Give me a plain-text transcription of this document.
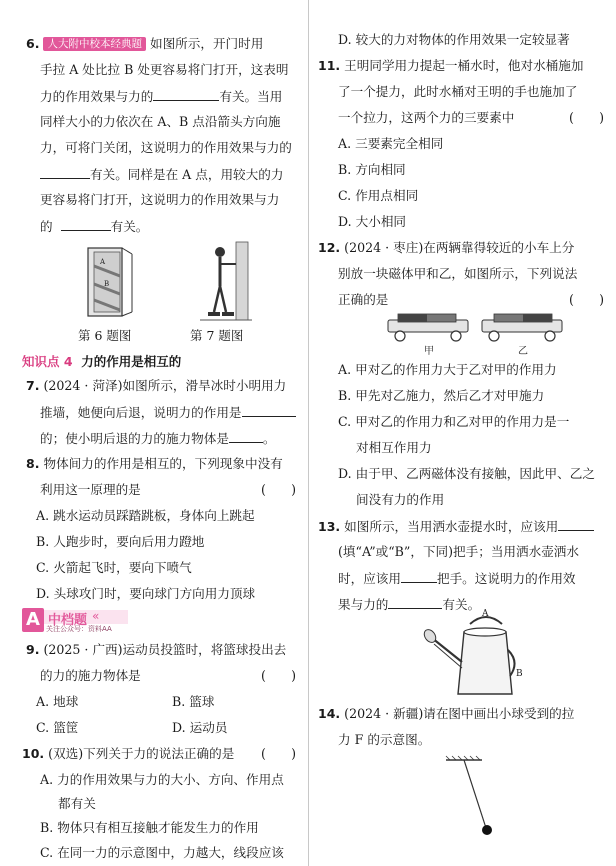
6. 人大附中校本经典题 如图所示，开门时用
手拉 A 处比拉 B 处更容易将门打开，这表明
力的作用效果与力的	有关。当用
同样大小的力依次在 A、B 点沿箭头方向施
力，可将门关闭，这说明力的作用效果与力的
有关。同样是在 A 点，用较大的力
更容易将门打开，这说明力的作用效果与力
的	有关。
A
B
第 6 题图	第 7 题图
知识点 4 力的作用是相互的
7. (2024 · 菏泽)如图所示，滑旱冰时小明用力
推墙，她便向后退，说明力的作用是
的；使小明后退的力的施力物体是	。
8. 物体间力的作用是相互的，下列现象中没有
利用这一原理的是	(　　)
A. 跳水运动员踩踏跳板，身体向上跳起
B. 人跑步时，要向后用力蹬地
C. 火箭起飞时，要向下喷气
D. 头球攻门时，要向球门方向用力顶球
A 中档题 «
关注公众号：资料AA
9. (2025 · 广西)运动员投篮时，将篮球投出去
的力的施力物体是	(　　)
A. 地球	B. 篮球
C. 篮筐	D. 运动员
10. (双选)下列关于力的说法正确的是 (　　)
A. 力的作用效果与力的大小、方向、作用点
都有关
B. 物体只有相互接触才能发生力的作用
C. 在同一力的示意图中，力越大，线段应该
D. 较大的力对物体的作用效果一定较显著
11. 王明同学用力提起一桶水时，他对水桶施加
了一个提力，此时水桶对王明的手也施加了
一个拉力，这两个力的三要素中	(　　)
A. 三要素完全相同
B. 方向相同
C. 作用点相同
D. 大小相同
12. (2024 · 枣庄)在两辆靠得较近的小车上分
别放一块磁体甲和乙，如图所示，下列说法
正确的是	(　　)
甲	乙
A. 甲对乙的作用力大于乙对甲的作用力
B. 甲先对乙施力，然后乙才对甲施力
C. 甲对乙的作用力和乙对甲的作用力是一
对相互作用力
D. 由于甲、乙两磁体没有接触，因此甲、乙之
间没有力的作用
13. 如图所示，当用洒水壶提水时，应该用
(填“A”或“B”，下同)把手；当用洒水壶洒水
时，应该用	把手。这说明力的作用效
果与力的	有关。
A
B
14. (2024 · 新疆)请在图中画出小球受到的拉
力 F 的示意图。
